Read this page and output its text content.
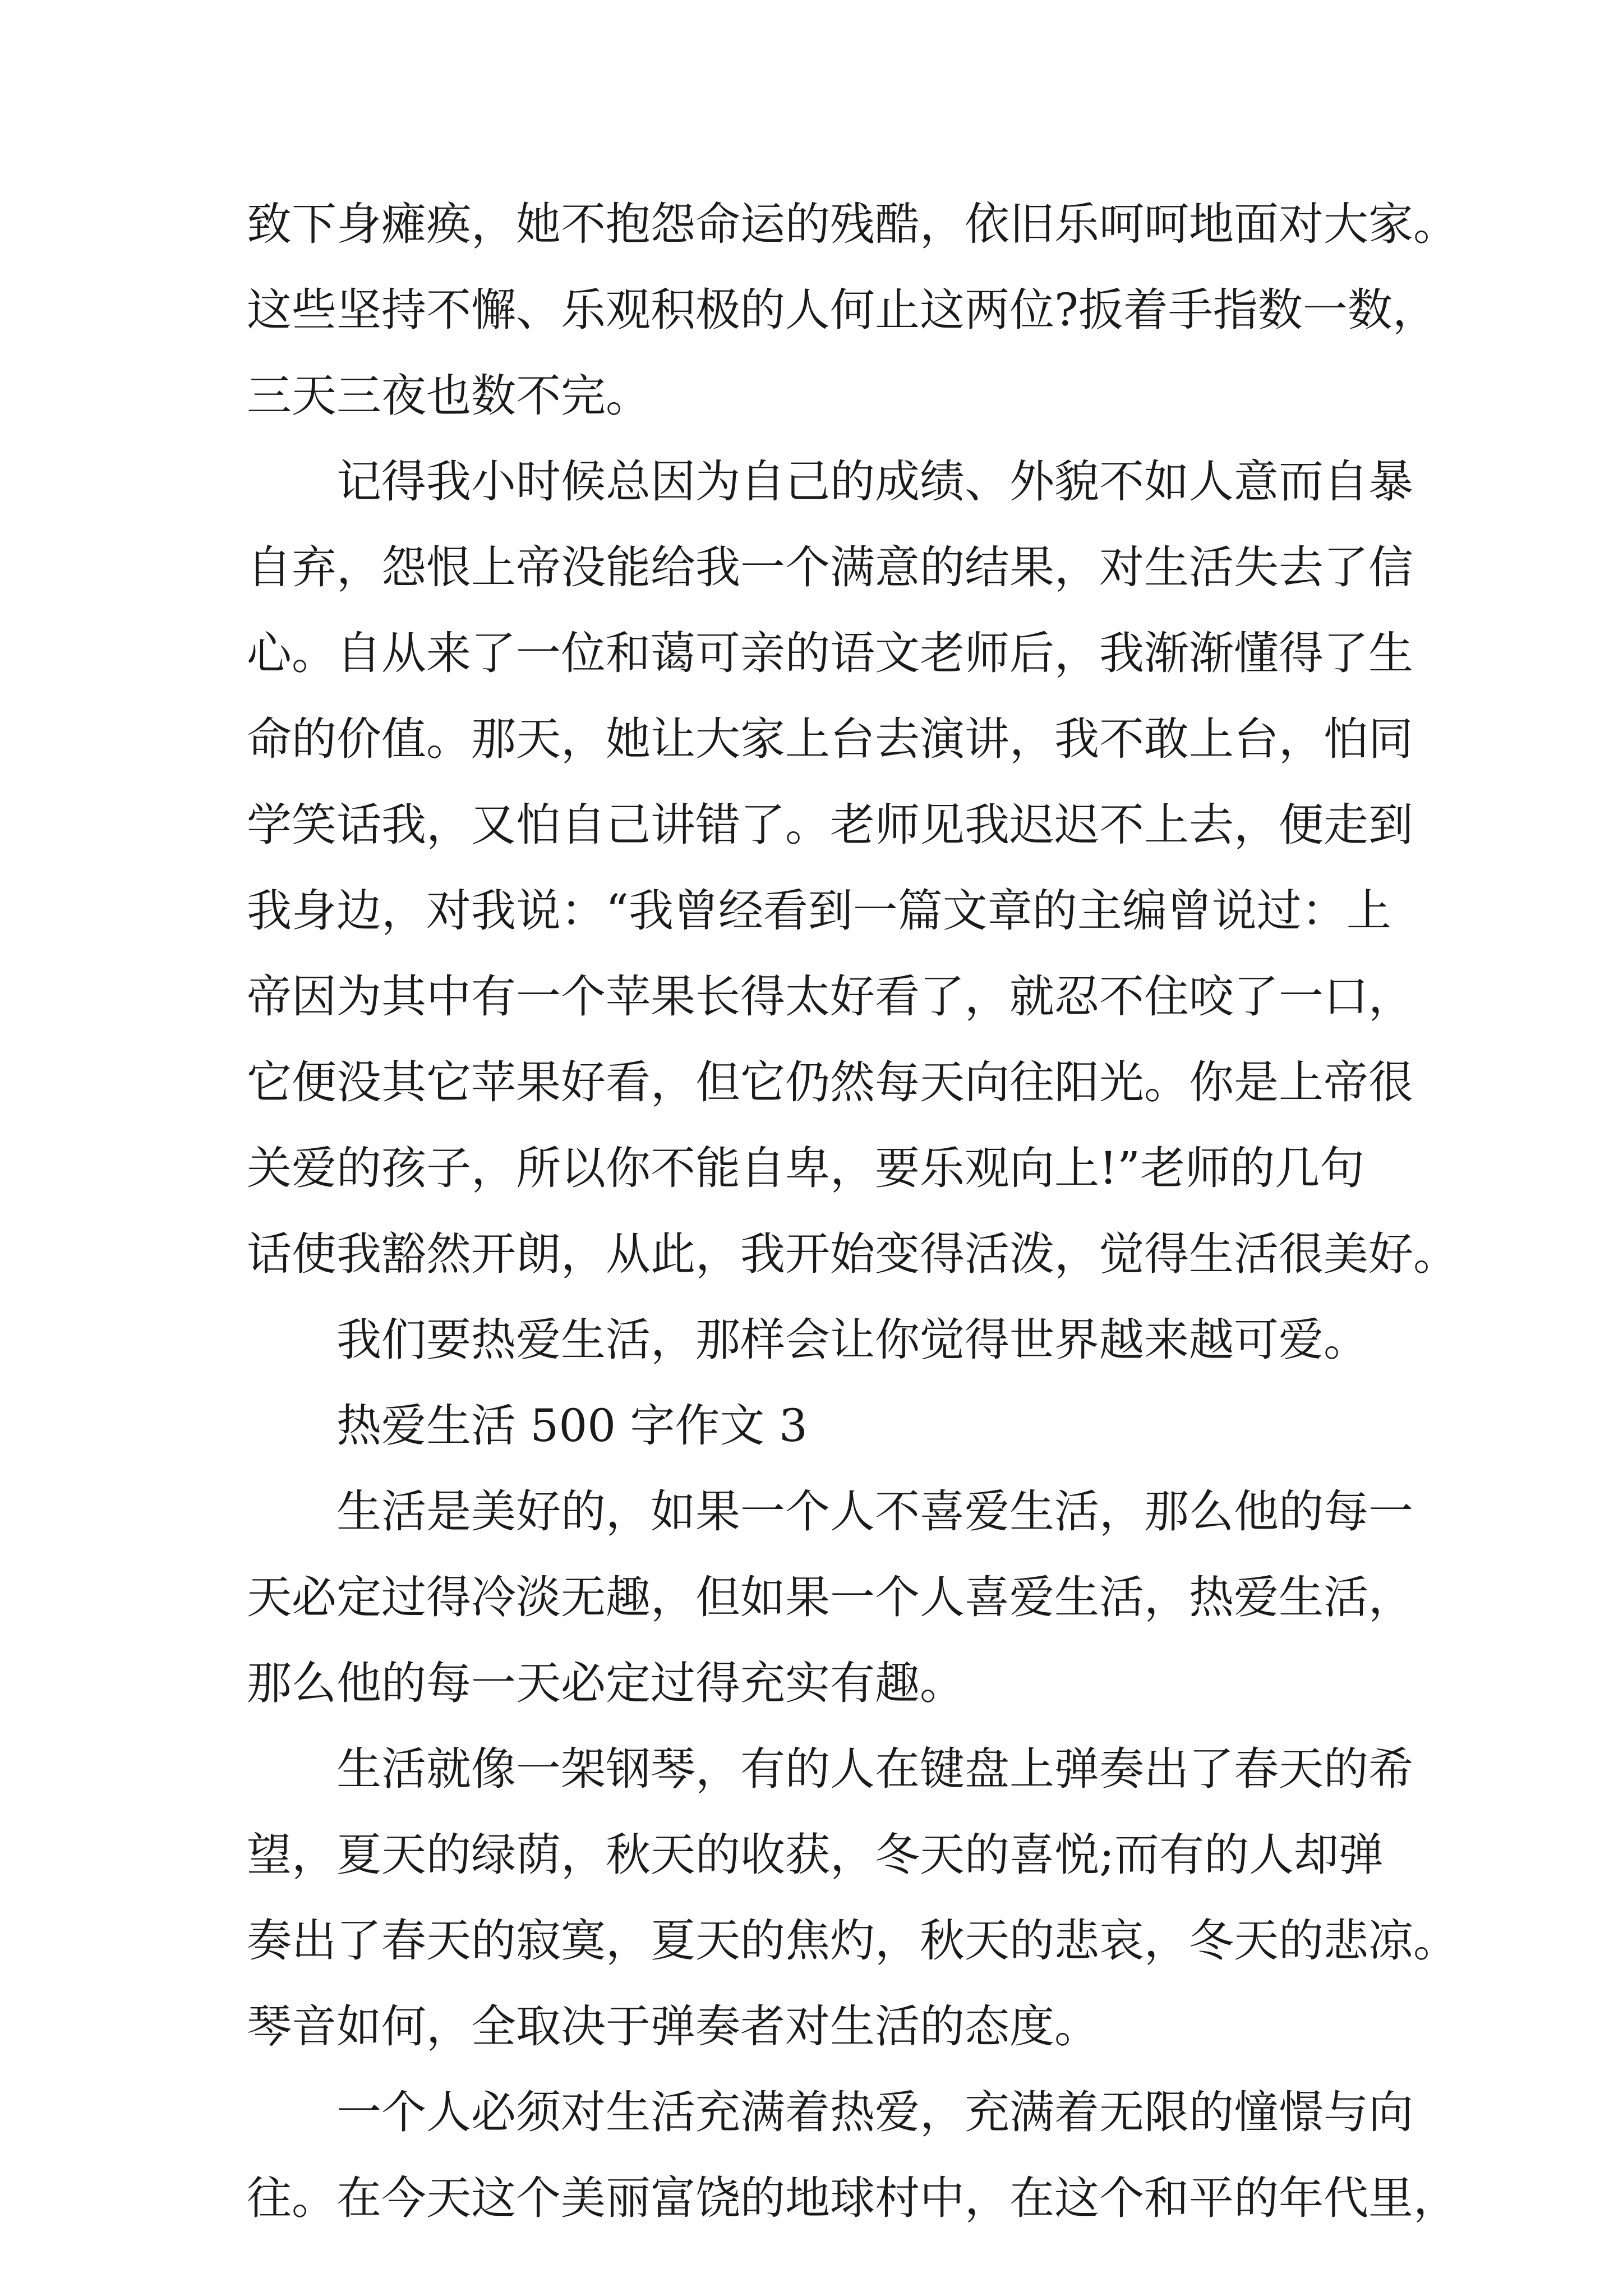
致下身瘫痪，她不抱怨命运的残酷，依旧乐呵呵地面对大家。
这些坚持不懈、乐观积极的人何止这两位?扳着手指数一数，
三天三夜也数不完。
记得我小时候总因为自己的成绩、外貌不如人意而自暴
自弃，怨恨上帝没能给我一个满意的结果，对生活失去了信
心。自从来了一位和蔼可亲的语文老师后，我渐渐懂得了生
命的价值。那天，她让大家上台去演讲，我不敢上台，怕同
学笑话我，又怕自己讲错了。老师见我迟迟不上去，便走到
我身边，对我说：“我曾经看到一篇文章的主编曾说过：上
帝因为其中有一个苹果长得太好看了，就忍不住咬了一口，
它便没其它苹果好看，但它仍然每天向往阳光。你是上帝很
关爱的孩子，所以你不能自卑，要乐观向上!”老师的几句
话使我豁然开朗，从此，我开始变得活泼，觉得生活很美好。
我们要热爱生活，那样会让你觉得世界越来越可爱。
热爱生活 500 字作文 3
生活是美好的，如果一个人不喜爱生活，那么他的每一
天必定过得冷淡无趣，但如果一个人喜爱生活，热爱生活，
那么他的每一天必定过得充实有趣。
生活就像一架钢琴，有的人在键盘上弹奏出了春天的希
望，夏天的绿荫，秋天的收获，冬天的喜悦;而有的人却弹
奏出了春天的寂寞，夏天的焦灼，秋天的悲哀，冬天的悲凉。
琴音如何，全取决于弹奏者对生活的态度。
一个人必须对生活充满着热爱，充满着无限的憧憬与向
往。在今天这个美丽富饶的地球村中，在这个和平的年代里，
